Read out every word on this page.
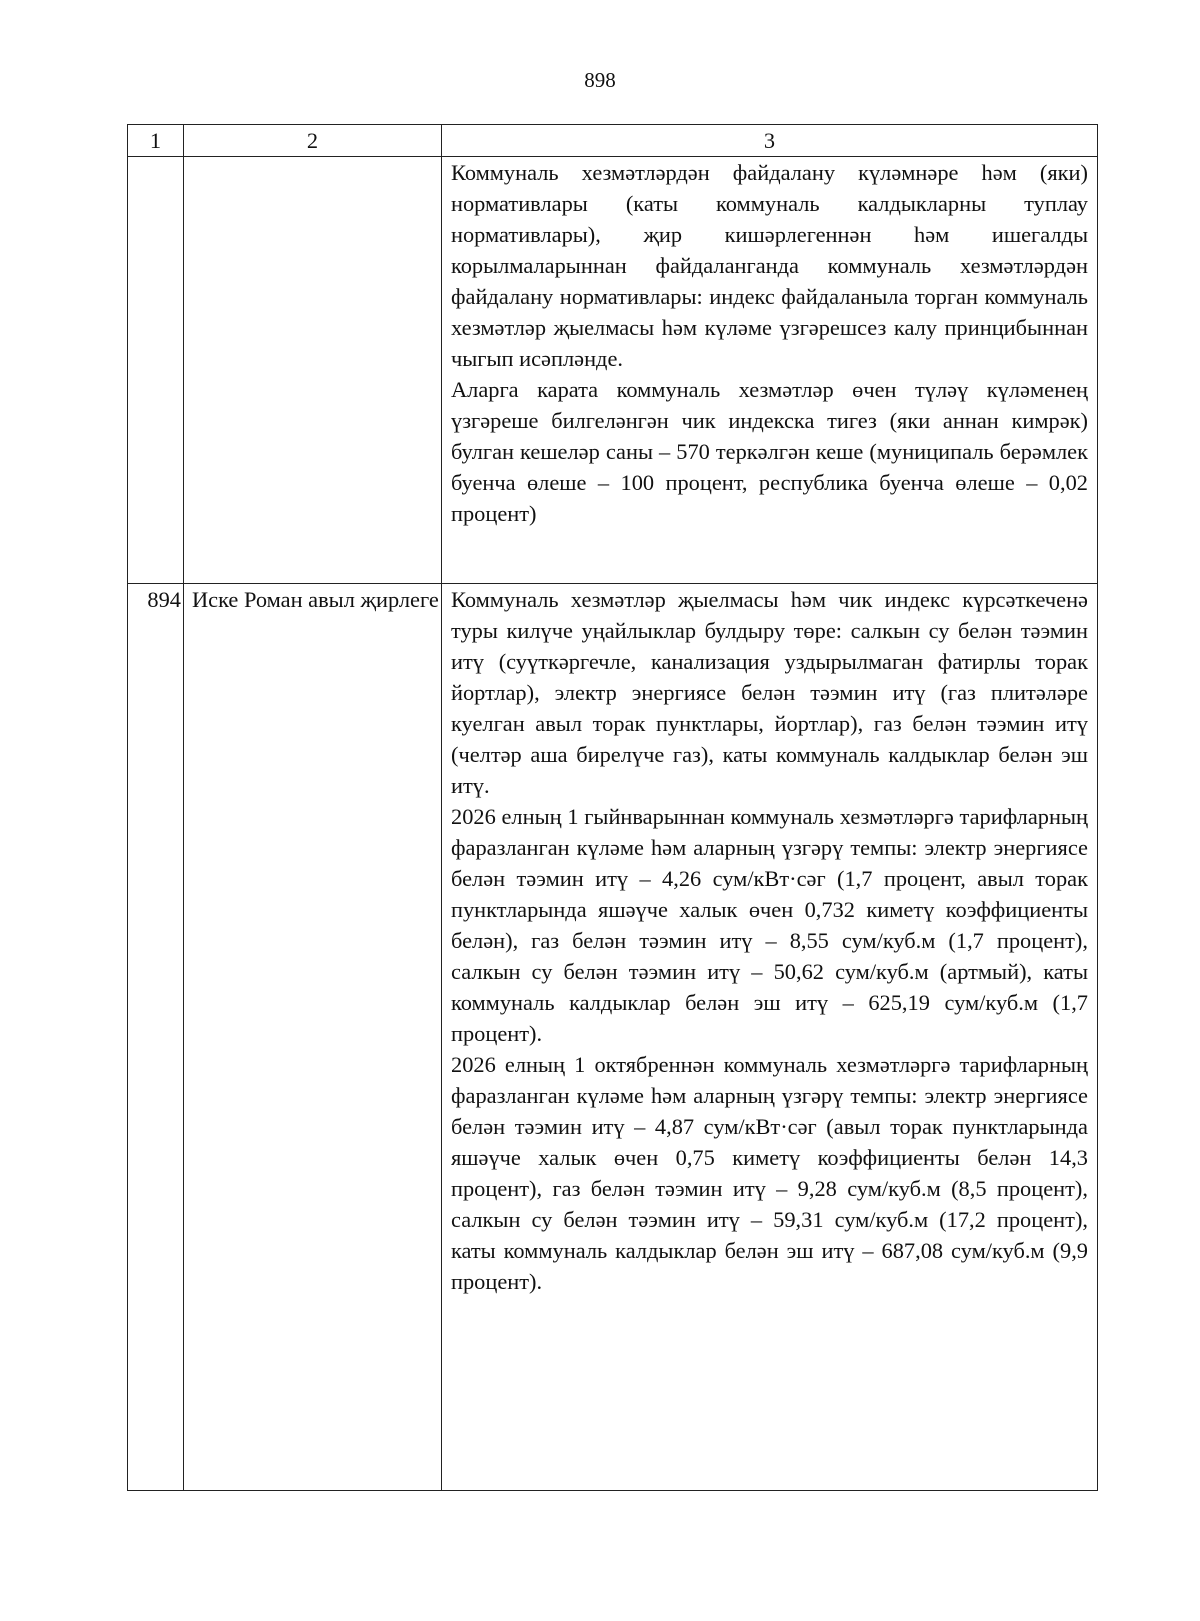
898
1	2	3

		Коммуналь хезмәтләрдән файдалану күләмнәре һәм (яки) нормативлары (каты коммуналь калдыкларны туплау нормативлары), җир кишәрлегеннән һәм ишегалды корылмаларыннан файдаланганда коммуналь хезмәтләрдән файдалану нормативлары: индекс файдаланыла торган коммуналь хезмәтләр җыелмасы һәм күләме үзгәрешсез калу принцибыннан чыгып исәпләнде.

Аларга карата коммуналь хезмәтләр өчен түләү күләменең үзгәреше билгеләнгән чик индекска тигез (яки аннан кимрәк) булган кешеләр саны – 570 теркәлгән кеше (муниципаль берәмлек буенча өлеше – 100 процент, республика буенча өлеше – 0,02 процент)

894	Иске Роман авыл җирлеге	Коммуналь хезмәтләр җыелмасы һәм чик индекс күрсәткеченә туры килүче уңайлыклар булдыру төре: салкын су белән тәэмин итү (суүткәргечле, канализация уздырылмаган фатирлы торак йортлар), электр энергиясе белән тәэмин итү (газ плитәләре куелган авыл торак пунктлары, йортлар), газ белән тәэмин итү (челтәр аша бирелүче газ), каты коммуналь калдыклар белән эш итү.

2026 елның 1 гыйнварыннан коммуналь хезмәтләргә тарифларның фаразланган күләме һәм аларның үзгәрү темпы: электр энергиясе белән тәэмин итү – 4,26 сум/кВт·сәг (1,7 процент, авыл торак пунктларында яшәүче халык өчен 0,732 киметү коэффициенты белән), газ белән тәэмин итү – 8,55 сум/куб.м (1,7 процент), салкын су белән тәэмин итү – 50,62 сум/куб.м (артмый), каты коммуналь калдыклар белән эш итү – 625,19 сум/куб.м (1,7 процент).

2026 елның 1 октябреннән коммуналь хезмәтләргә тарифларның фаразланган күләме һәм аларның үзгәрү темпы: электр энергиясе белән тәэмин итү – 4,87 сум/кВт·сәг (авыл торак пунктларында яшәүче халык өчен 0,75 киметү коэффициенты белән 14,3 процент), газ белән тәэмин итү – 9,28 сум/куб.м (8,5 процент), салкын су белән тәэмин итү – 59,31 сум/куб.м (17,2 процент), каты коммуналь калдыклар белән эш итү – 687,08 сум/куб.м (9,9 процент).
